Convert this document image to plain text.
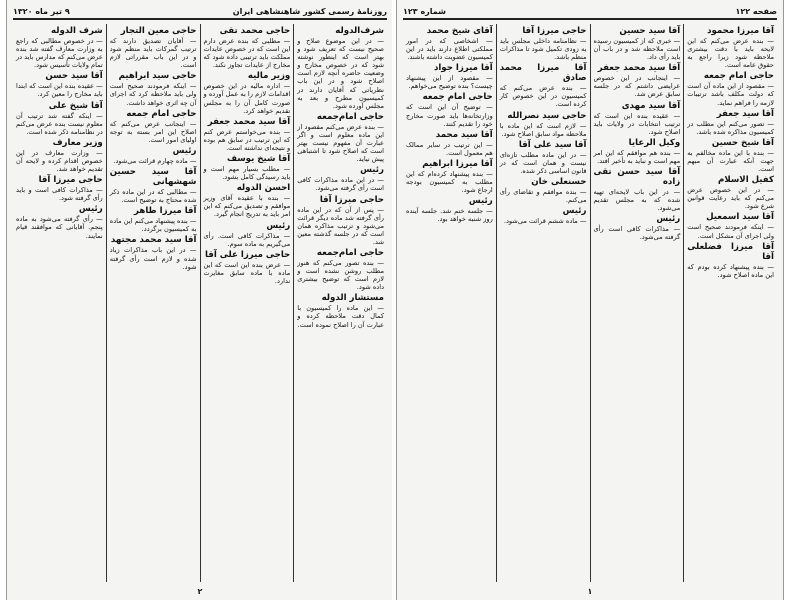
روزنامهٔ رسمی کشور شاهنشاهی ایران
۹ تیر ماه ۱۳۲۰

شرف‌الدوله
— در این موضوع صلاح و صحیح نیست که تعریف شود و بهتر است که اینطور نوشته شود که در خصوص مخارج و وضعیت حاضره آنچه لازم است اصلاح شود و در این باب نظریاتی که آقایان دارند در کمیسیون مطرح و بعد به مجلس آورده شود.

حاجی امام‌جمعه
— بنده عرض می‌کنم مقصود از این ماده معلوم است و اگر عبارت آن مفهوم نیست بهتر است که اصلاح شود تا اشتباهی پیش نیاید.

رئیس
— در این ماده مذاکرات کافی است رأی گرفته می‌شود.

حاجی میرزا آقا
— پس از آن که در این ماده رأی گرفته شد ماده دیگر قرائت می‌شود و ترتیب مذاکره همان است که در جلسه گذشته معین شد.

حاجی امام‌جمعه
— بنده تصور می‌کنم که هنوز مطلب روشن نشده است و لازم است که توضیح بیشتری داده شود.

مستشار الدوله
— این ماده را کمیسیون با کمال دقت ملاحظه کرده و عبارت آن را اصلاح نموده است.

حاجی محمد تقی
— مطلبی که بنده عرض دارم این است که در خصوص عایدات مملکت باید ترتیبی داده شود که مخارج از عایدات تجاوز نکند.

وزیر مالیه
— اداره مالیه در این خصوص اقدامات لازم را به عمل آورده و صورت کامل آن را به مجلس تقدیم خواهد کرد.

آقا سید محمد جعفر
— بنده می‌خواستم عرض کنم که این ترتیب در سابق هم بوده و نتیجه‌ای نداشته است.

آقا شیخ یوسف
— مطلب بسیار مهم است و باید رسیدگی کامل بشود.

احسن الدوله
— بنده با عقیده آقای وزیر موافقم و تصدیق می‌کنم که این امر باید به تدریج انجام گیرد.

رئیس
— مذاکرات کافی است. رأی می‌گیریم به ماده سوم.

حاجی میرزا علی آقا
— عرض بنده این است که این ماده با ماده سابق مغایرت ندارد.

حاجی معین التجار
— آقایان تصدیق دارند که ترتیب گمرکات باید منظم شود و در این باب مقرراتی لازم است.

حاجی سید ابراهیم
— اینکه فرمودند صحیح است ولی باید ملاحظه کرد که اجرای آن چه اثری خواهد داشت.

حاجی امام جمعه
— اینجانب عرض می‌کنم که اصلاح این امر بسته به توجه اولیای امور است.

رئیس
— ماده چهارم قرائت می‌شود.

آقا سید حسین شهشهانی
— مطالبی که در این ماده ذکر شده محتاج به توضیح است.

آقا میرزا طاهر
— بنده پیشنهاد می‌کنم این ماده به کمیسیون برگردد.

آقا سید محمد مجتهد
— در این باب مذاکرات زیاد شده و لازم است رأی گرفته شود.

شرف الدوله
— در خصوص مطالبی که راجع به وزارت معارف گفته شد بنده عرض می‌کنم که مدارس باید در تمام ولایات تأسیس شود.

آقا سید حسن
— عقیده بنده این است که ابتدا باید مخارج را معین کرد.

آقا شیخ علی
— اینکه گفته شد ترتیب آن معلوم نیست بنده عرض می‌کنم در نظامنامه ذکر شده است.

وزیر معارف
— وزارت معارف در این خصوص اقدام کرده و لایحه آن تقدیم خواهد شد.

حاجی میرزا آقا
— مذاکرات کافی است و باید رأی گرفته شود.

رئیس
— رأی گرفته می‌شود به ماده پنجم. آقایانی که موافقند قیام نمایند.

۲
صفحه ۱۲۲
شماره ۱۲۳

آقا میرزا محمود
— بنده عرض می‌کنم که این لایحه باید با دقت بیشتری ملاحظه شود زیرا راجع به حقوق عامه است.

حاجی امام جمعه
— مقصود از این ماده آن است که دولت مکلف باشد ترتیبات لازمه را فراهم نماید.

آقا سید جعفر
— تصور می‌کنم این مطلب در کمیسیون مذاکره شده باشد.

آقا شیخ حسین
— بنده با این ماده مخالفم به جهت آنکه عبارت آن مبهم است.

کفیل الاسلام
— در این خصوص عرض می‌کنم که باید رعایت قوانین شرع شود.

آقا سید اسمعیل
— اینکه فرمودند صحیح است ولی اجرای آن مشکل است.

آقا میرزا فضلعلی آقا
— بنده پیشنهاد کرده بودم که این ماده اصلاح شود.

آقا سید حسین
— خبری که از کمیسیون رسیده است ملاحظه شد و در باب آن باید رأی داد.

آقا سید محمد جعفر
— اینجانب در این خصوص عرایضی داشتم که در جلسه سابق عرض شد.

آقا سید مهدی
— عقیده بنده این است که ترتیب انتخابات در ولایات باید اصلاح شود.

وکیل الرعایا
— بنده هم موافقم که این امر مهم است و نباید به تأخیر افتد.

آقا سید حسن تقی زاده
— در این باب لایحه‌ای تهیه شده که به مجلس تقدیم می‌شود.

رئیس
— مذاکرات کافی است رأی گرفته می‌شود.

حاجی میرزا آقا
— نظامنامه داخلی مجلس باید به زودی تکمیل شود تا مذاکرات منظم باشد.

آقا میرزا محمد صادق
— بنده عرض می‌کنم که کمیسیون در این خصوص کار کرده است.

حاجی سید نصرالله
— لازم است که این ماده با ملاحظه مواد سابق اصلاح شود.

آقا سید علی آقا
— در این ماده مطلب تازه‌ای نیست و همان است که در قانون اساسی ذکر شده.

حسنعلی خان
— بنده موافقم و تقاضای رأی می‌کنم.

رئیس
— ماده ششم قرائت می‌شود.

آقای شیخ محمد
— اشخاصی که در امور مملکتی اطلاع دارند باید در این کمیسیون عضویت داشته باشند.

آقا میرزا جواد
— مقصود از این پیشنهاد چیست؟ بنده توضیح می‌خواهم.

حاجی امام جمعه
— توضیح آن این است که وزارتخانه‌ها باید صورت مخارج خود را تقدیم کنند.

آقا سید محمد
— این ترتیب در سایر ممالک هم معمول است.

آقا میرزا ابراهیم
— بنده پیشنهاد کرده‌ام که این مطلب به کمیسیون بودجه ارجاع شود.

رئیس
— جلسه ختم شد. جلسه آینده روز شنبه خواهد بود.

۱
